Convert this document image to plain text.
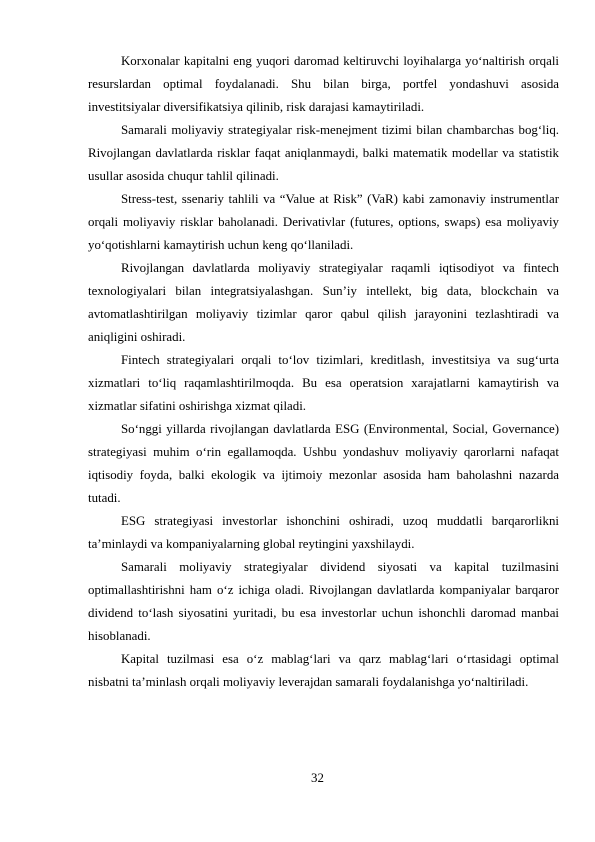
Korxonalar kapitalni eng yuqori daromad keltiruvchi loyihalarga yo‘naltirish orqali resurslardan optimal foydalanadi. Shu bilan birga, portfel yondashuvi asosida investitsiyalar diversifikatsiya qilinib, risk darajasi kamaytiriladi.

Samarali moliyaviy strategiyalar risk-menejment tizimi bilan chambarchas bog‘liq. Rivojlangan davlatlarda risklar faqat aniqlanmaydi, balki matematik modellar va statistik usullar asosida chuqur tahlil qilinadi.

Stress-test, ssenariy tahlili va “Value at Risk” (VaR) kabi zamonaviy instrumentlar orqali moliyaviy risklar baholanadi. Derivativlar (futures, options, swaps) esa moliyaviy yo‘qotishlarni kamaytirish uchun keng qo‘llaniladi.

Rivojlangan davlatlarda moliyaviy strategiyalar raqamli iqtisodiyot va fintech texnologiyalari bilan integratsiyalashgan. Sun’iy intellekt, big data, blockchain va avtomatlashtirilgan moliyaviy tizimlar qaror qabul qilish jarayonini tezlashtiradi va aniqligini oshiradi.

Fintech strategiyalari orqali to‘lov tizimlari, kreditlash, investitsiya va sug‘urta xizmatlari to‘liq raqamlashtirilmoqda. Bu esa operatsion xarajatlarni kamaytirish va xizmatlar sifatini oshirishga xizmat qiladi.

So‘nggi yillarda rivojlangan davlatlarda ESG (Environmental, Social, Governance) strategiyasi muhim o‘rin egallamoqda. Ushbu yondashuv moliyaviy qarorlarni nafaqat iqtisodiy foyda, balki ekologik va ijtimoiy mezonlar asosida ham baholashni nazarda tutadi.

ESG strategiyasi investorlar ishonchini oshiradi, uzoq muddatli barqarorlikni ta’minlaydi va kompaniyalarning global reytingini yaxshilaydi.

Samarali moliyaviy strategiyalar dividend siyosati va kapital tuzilmasini optimallashtirishni ham o‘z ichiga oladi. Rivojlangan davlatlarda kompaniyalar barqaror dividend to‘lash siyosatini yuritadi, bu esa investorlar uchun ishonchli daromad manbai hisoblanadi.

Kapital tuzilmasi esa o‘z mablag‘lari va qarz mablag‘lari o‘rtasidagi optimal nisbatni ta’minlash orqali moliyaviy leverajdan samarali foydalanishga yo‘naltiriladi.

32
